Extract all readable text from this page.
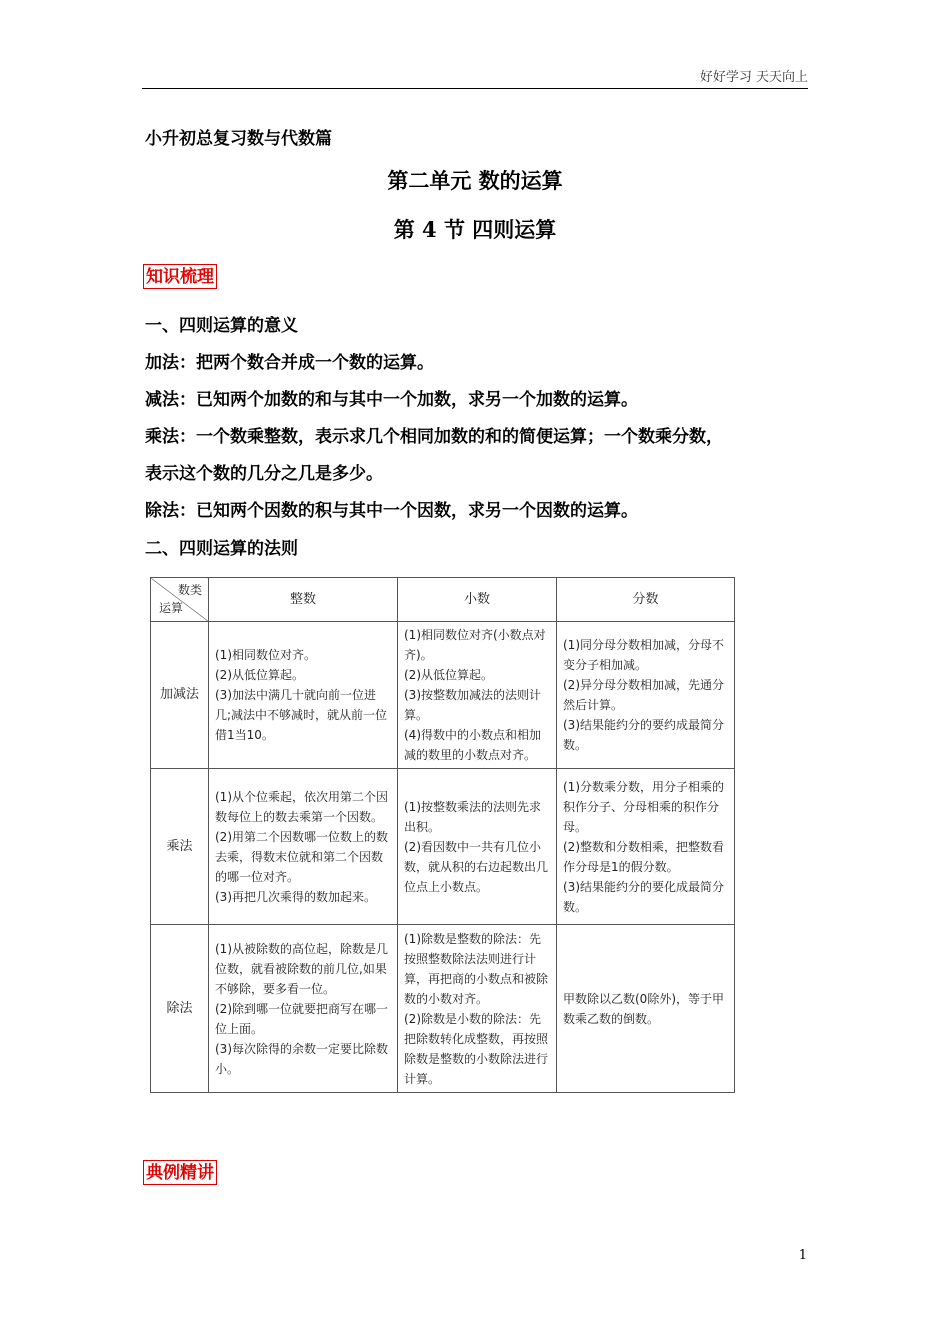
好好学习 天天向上
小升初总复习数与代数篇
第二单元 数的运算
第 4 节 四则运算
知识梳理
一、四则运算的意义
加法：把两个数合并成一个数的运算。
减法：已知两个加数的和与其中一个加数，求另一个加数的运算。
乘法：一个数乘整数，表示求几个相同加数的和的简便运算；一个数乘分数，
表示这个数的几分之几是多少。
除法：已知两个因数的积与其中一个因数，求另一个因数的运算。
二、四则运算的法则
数类
运算	整数	小数	分数
加减法	(1)相同数位对齐。
(2)从低位算起。
(3)加法中满几十就向前一位进几;减法中不够减时，就从前一位借1当10。	(1)相同数位对齐(小数点对齐)。
(2)从低位算起。
(3)按整数加减法的法则计算。
(4)得数中的小数点和相加减的数里的小数点对齐。	(1)同分母分数相加减，分母不变分子相加减。
(2)异分母分数相加减，先通分然后计算。
(3)结果能约分的要约成最简分数。

乘法	(1)从个位乘起，依次用第二个因数每位上的数去乘第一个因数。
(2)用第二个因数哪一位数上的数去乘，得数末位就和第二个因数的哪一位对齐。
(3)再把几次乘得的数加起来。	(1)按整数乘法的法则先求出积。
(2)看因数中一共有几位小数，就从积的右边起数出几位点上小数点。	(1)分数乘分数，用分子相乘的积作分子、分母相乘的积作分母。
(2)整数和分数相乘，把整数看作分母是1的假分数。
(3)结果能约分的要化成最简分数。

除法	(1)从被除数的高位起，除数是几位数，就看被除数的前几位,如果不够除，要多看一位。
(2)除到哪一位就要把商写在哪一位上面。
(3)每次除得的余数一定要比除数小。	(1)除数是整数的除法：先按照整数除法法则进行计算，再把商的小数点和被除数的小数对齐。
(2)除数是小数的除法：先把除数转化成整数，再按照除数是整数的小数除法进行计算。	甲数除以乙数(0除外)，等于甲数乘乙数的倒数。
典例精讲
1
